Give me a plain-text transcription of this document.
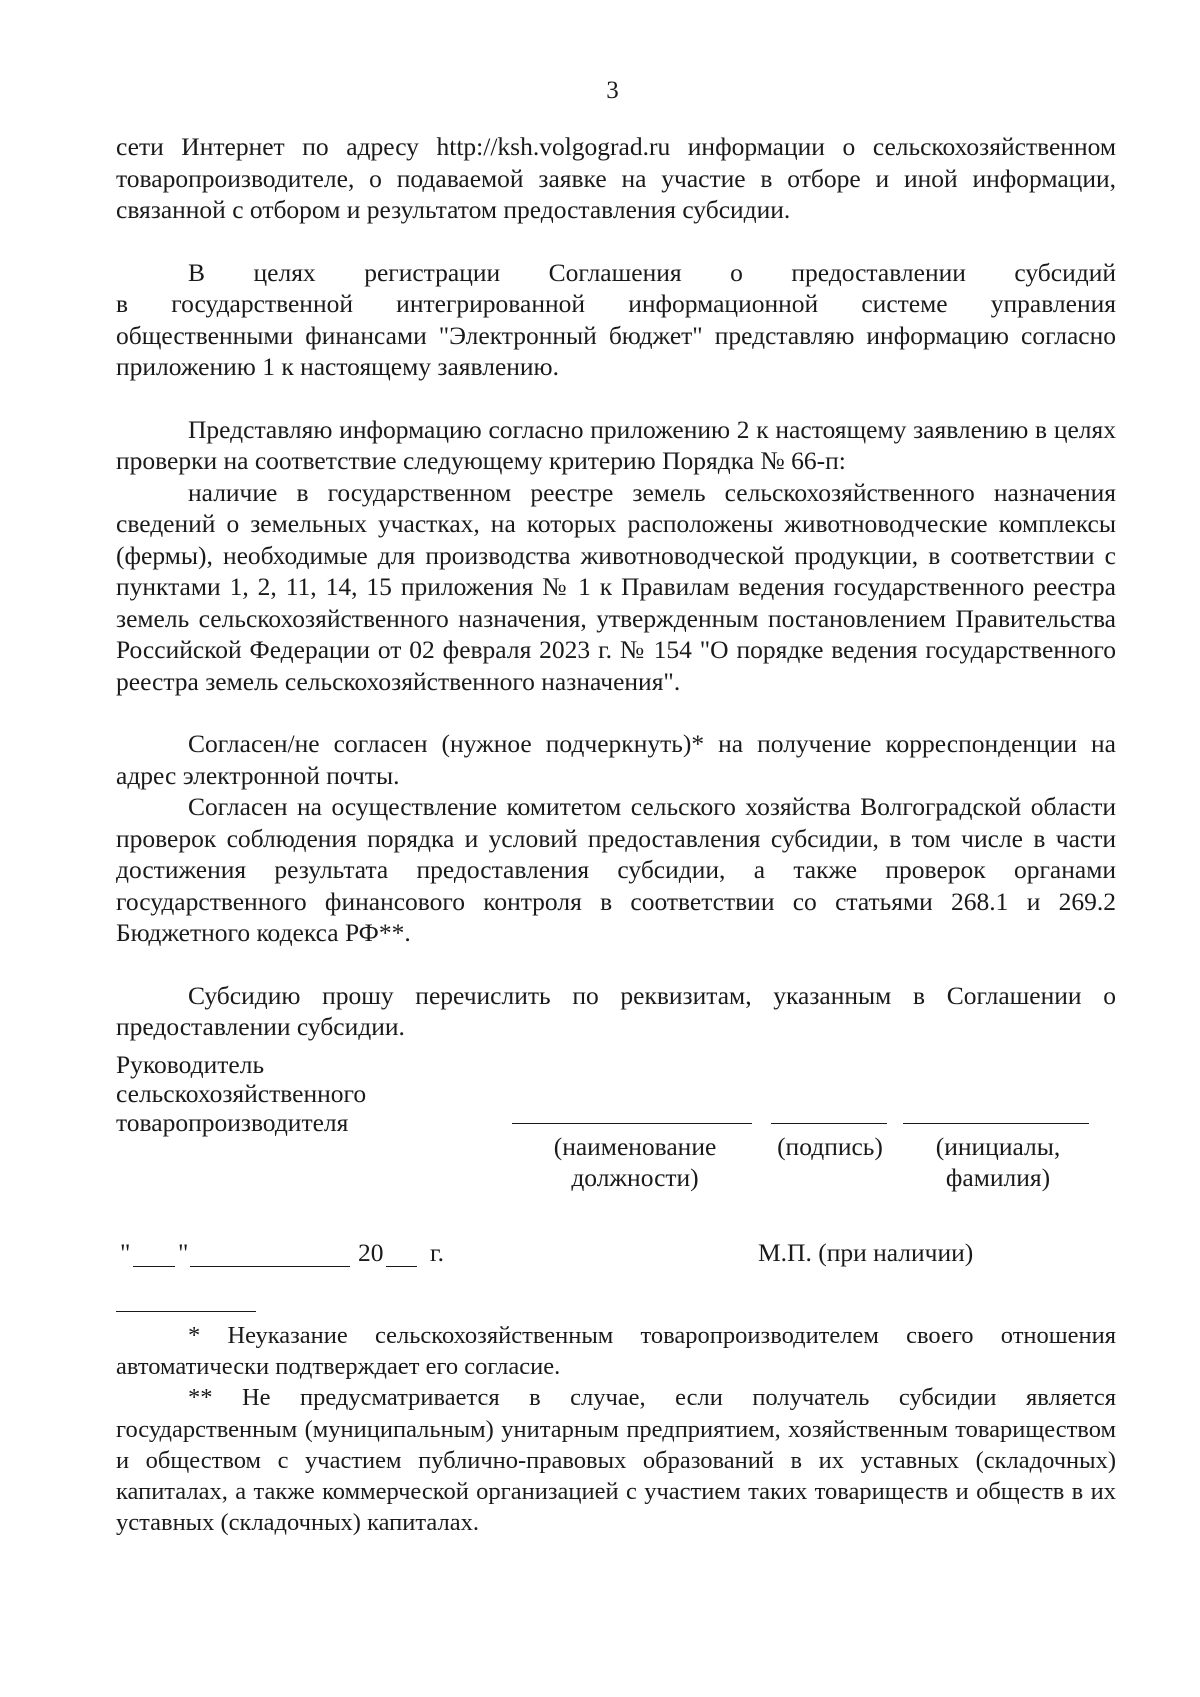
3

сети Интернет по адресу http://ksh.volgograd.ru информации о сельскохозяйственном товаропроизводителе, о подаваемой заявке на участие в отборе и иной информации, связанной с отбором и результатом предоставления субсидии.

В целях регистрации Соглашения о предоставлении субсидий

в государственной интегрированной информационной системе управления

общественными финансами "Электронный бюджет" представляю информацию согласно приложению 1 к настоящему заявлению.

Представляю информацию согласно приложению 2 к настоящему заявлению в целях проверки на соответствие следующему критерию Порядка № 66-п:

наличие в государственном реестре земель сельскохозяйственного назначения сведений о земельных участках, на которых расположены животноводческие комплексы (фермы), необходимые для производства животноводческой продукции, в соответствии с пунктами 1, 2, 11, 14, 15 приложения № 1 к Правилам ведения государственного реестра земель сельскохозяйственного назначения, утвержденным постановлением Правительства Российской Федерации от 02 февраля 2023 г. № 154 "О порядке ведения государственного реестра земель сельскохозяйственного назначения".

Согласен/не согласен (нужное подчеркнуть)* на получение корреспонденции на адрес электронной почты.

Согласен на осуществление комитетом сельского хозяйства Волгоградской области проверок соблюдения порядка и условий предоставления субсидии, в том числе в части достижения результата предоставления субсидии, а также проверок органами государственного финансового контроля в соответствии со статьями 268.1 и 269.2 Бюджетного кодекса РФ**.

Субсидию прошу перечислить по реквизитам, указанным в Соглашении о предоставлении субсидии.

Руководитель
сельскохозяйственного
товаропроизводителя
(наименование
должности)
(подпись)	(инициалы,
фамилия)
" "	20 г.	М.П. (при наличии)

* Неуказание сельскохозяйственным товаропроизводителем своего отношения автоматически подтверждает его согласие.

** Не предусматривается в случае, если получатель субсидии является государственным (муниципальным) унитарным предприятием, хозяйственным товариществом и обществом с участием публично-правовых образований в их уставных (складочных) капиталах, а также коммерческой организацией с участием таких товариществ и обществ в их уставных (складочных) капиталах.
